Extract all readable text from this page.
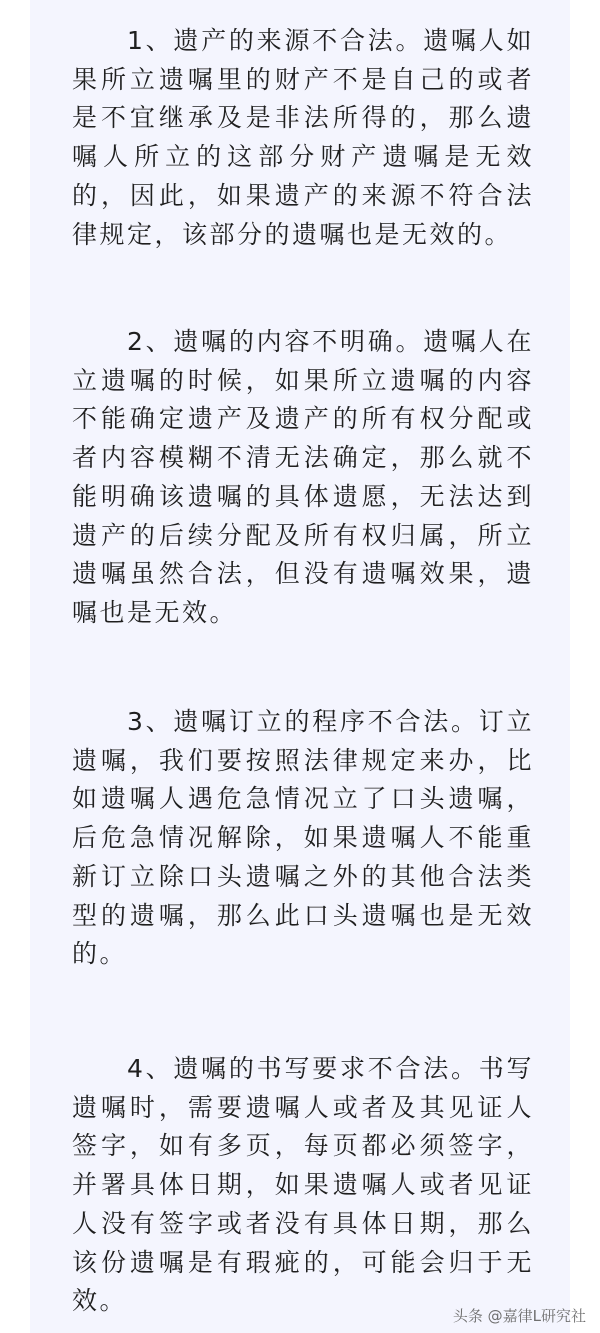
1、遗产的来源不合法。遗嘱人如果所立遗嘱里的财产不是自己的或者是不宜继承及是非法所得的，那么遗嘱人所立的这部分财产遗嘱是无效的，因此，如果遗产的来源不符合法律规定，该部分的遗嘱也是无效的。

2、遗嘱的内容不明确。遗嘱人在立遗嘱的时候，如果所立遗嘱的内容不能确定遗产及遗产的所有权分配或者内容模糊不清无法确定，那么就不能明确该遗嘱的具体遗愿，无法达到遗产的后续分配及所有权归属，所立遗嘱虽然合法，但没有遗嘱效果，遗嘱也是无效。

3、遗嘱订立的程序不合法。订立遗嘱，我们要按照法律规定来办，比如遗嘱人遇危急情况立了口头遗嘱，后危急情况解除，如果遗嘱人不能重新订立除口头遗嘱之外的其他合法类型的遗嘱，那么此口头遗嘱也是无效的。

4、遗嘱的书写要求不合法。书写遗嘱时，需要遗嘱人或者及其见证人签字，如有多页，每页都必须签字，并署具体日期，如果遗嘱人或者见证人没有签字或者没有具体日期，那么该份遗嘱是有瑕疵的，可能会归于无效。

头条 @嘉律L研究社
